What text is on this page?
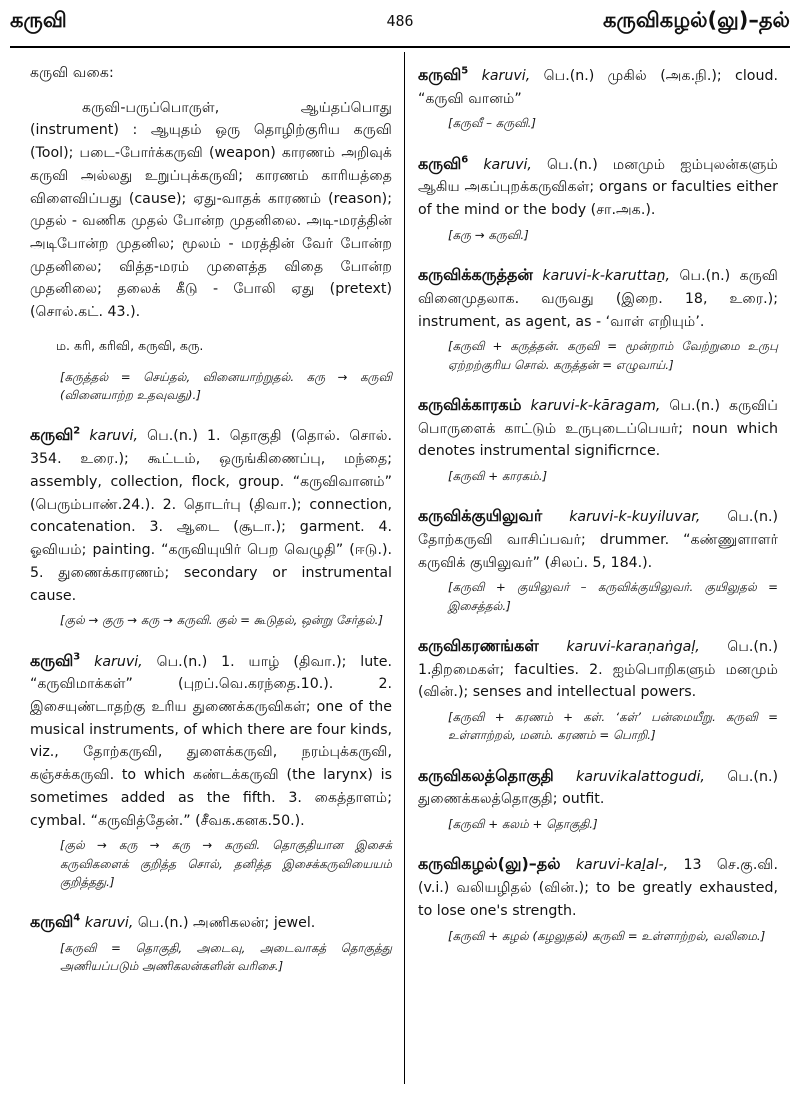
கருவி	486	கருவிகழல்(லு)–தல்

கருவி வகை:

கருவி-பருப்பொருள், ஆய்தப்பொது (instrument) : ஆயுதம் ஒரு தொழிற்குரிய கருவி (Tool); படை-போர்க்கருவி (weapon) காரணம் அறிவுக் கருவி அல்லது உறுப்புக்கருவி; காரணம் காரியத்தை விளைவிப்பது (cause); ஏது-வாதக் காரணம் (reason); முதல் - வணிக முதல் போன்ற முதனிலை. அடி-மரத்தின் அடிபோன்ற முதனில; மூலம் - மரத்தின் வேர் போன்ற முதனிலை; வித்த-மரம் முளைத்த விதை போன்ற முதனிலை; தலைக் கீடு - போலி ஏது (pretext) (சொல்.கட். 43.).

ம. கரி, கரிவி, கருவி, கரு.

[கருத்தல் = செய்தல், வினையாற்றுதல். கரு → கருவி (வினையாற்ற உதவுவது).]

கருவி$^2$ karuvi, பெ.(n.) 1. தொகுதி (தொல். சொல். 354. உரை.); கூட்டம், ஒருங்கிணைப்பு, மந்தை; assembly, collection, flock, group. “கருவிவானம்” (பெரும்பாண்.24.). 2. தொடர்பு (திவா.); connection, concatenation. 3. ஆடை (சூடா.); garment. 4. ஓவியம்; painting. “கருவியுயிர் பெற வெழுதி” (ஈடு.). 5. துணைக்காரணம்; secondary or instrumental cause.

[குல் → குரு → கரு → கருவி. குல் = கூடுதல், ஒன்று சேர்தல்.]

கருவி$^3$ karuvi, பெ.(n.) 1. யாழ் (திவா.); lute. “கருவிமாக்கள்” (புறப்.வெ.கரந்தை.10.). 2. இசையுண்டாதற்கு உரிய துணைக்கருவிகள்; one of the musical instruments, of which there are four kinds, viz., தோற்கருவி, துளைக்கருவி, நரம்புக்கருவி, கஞ்சக்கருவி. to which கண்டக்கருவி (the larynx) is sometimes added as the fifth. 3. கைத்தாளம்; cymbal. “கருவித்தேன்.” (சீவக.கனக.50.).

[குல் → கரு → கரு → கருவி. தொகுதியான இசைக் கருவிகளைக் குறித்த சொல், தனித்த இசைக்கருவியையம் குறித்தது.]

கருவி$^4$ karuvi, பெ.(n.) அணிகலன்; jewel.

[கருவி = தொகுதி, அடைவு, அடைவாகத் தொகுத்து அணியப்படும் அணிகலன்களின் வரிசை.]

கருவி$^5$ karuvi, பெ.(n.) முகில் (அக.நி.); cloud. “கருவி வானம்”

[கருவீ – கருவி.]

கருவி$^6$ karuvi, பெ.(n.) மனமும் ஐம்புலன்களும் ஆகிய அகப்புறக்கருவிகள்; organs or faculties either of the mind or the body (சா.அக.).

[கரு → கருவி.]

கருவிக்கருத்தன் karuvi-k-karuttaṉ, பெ.(n.) கருவி வினைமுதலாக. வருவது (இறை. 18, உரை.); instrument, as agent, as - ‘வாள் எறியும்’.

[கருவி + கருத்தன். கருவி = மூன்றாம் வேற்றுமை உருபு ஏற்றற்குரிய சொல். கருத்தன் = எழுவாய்.]

கருவிக்காரகம் karuvi-k-kāragam, பெ.(n.) கருவிப் பொருளைக் காட்டும் உருபுடைப்பெயர்; noun which denotes instrumental significrnce.

[கருவி + காரகம்.]

கருவிக்குயிலுவர் karuvi-k-kuyiluvar, பெ.(n.) தோற்கருவி வாசிப்பவர்; drummer. “கண்ணுளாளர் கருவிக் குயிலுவர்” (சிலப். 5, 184.).

[கருவி + குயிலுவர் – கருவிக்குயிலுவர். குயிலுதல் = இசைத்தல்.]

கருவிகரணங்கள் karuvi-karaṇaṅgaḷ, பெ.(n.) 1.திறமைகள்; faculties. 2. ஐம்பொறிகளும் மனமும் (வின்.); senses and intellectual powers.

[கருவி + கரணம் + கள். ‘கள்’ பன்மையீறு. கருவி = உள்ளாற்றல், மனம். கரணம் = பொறி.]

கருவிகலத்தொகுதி karuvikalattogudi, பெ.(n.) துணைக்கலத்தொகுதி; outfit.

[கருவி + கலம் + தொகுதி.]

கருவிகழல்(லு)–தல் karuvi-kaḻal-, 13 செ.கு.வி. (v.i.) வலியழிதல் (வின்.); to be greatly exhausted, to lose one's strength.

[கருவி + கழல் (கழலுதல்) கருவி = உள்ளாற்றல், வலிமை.]
